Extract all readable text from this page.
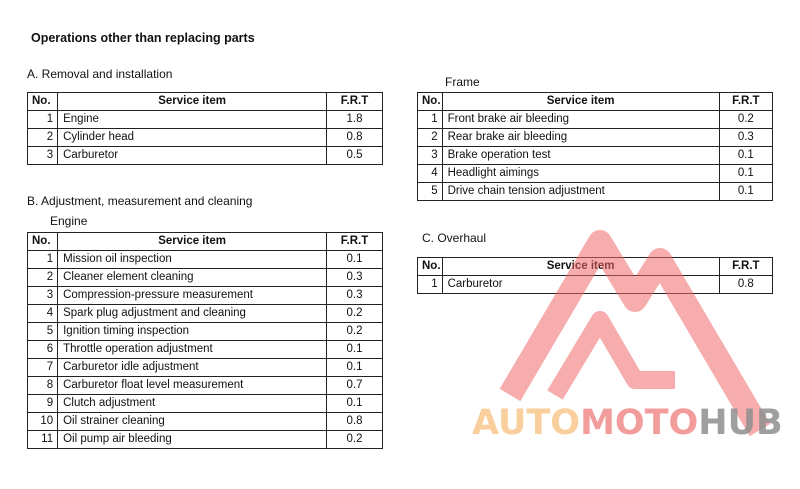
Operations other than replacing parts
A. Removal and installation
No.	Service item	F.R.T
1	Engine	1.8
2	Cylinder head	0.8
3	Carburetor	0.5
B. Adjustment, measurement and cleaning
Engine
No.	Service item	F.R.T
1	Mission oil inspection	0.1
2	Cleaner element cleaning	0.3
3	Compression-pressure measurement	0.3
4	Spark plug adjustment and cleaning	0.2
5	Ignition timing inspection	0.2
6	Throttle operation adjustment	0.1
7	Carburetor idle adjustment	0.1
8	Carburetor float level measurement	0.7
9	Clutch adjustment	0.1
10	Oil strainer cleaning	0.8
11	Oil pump air bleeding	0.2
Frame
No.	Service item	F.R.T
1	Front brake air bleeding	0.2
2	Rear brake air bleeding	0.3
3	Brake operation test	0.1
4	Headlight aimings	0.1
5	Drive chain tension adjustment	0.1
C. Overhaul
No.	Service item	F.R.T
1	Carburetor	0.8
AUTOMOTOHUB
